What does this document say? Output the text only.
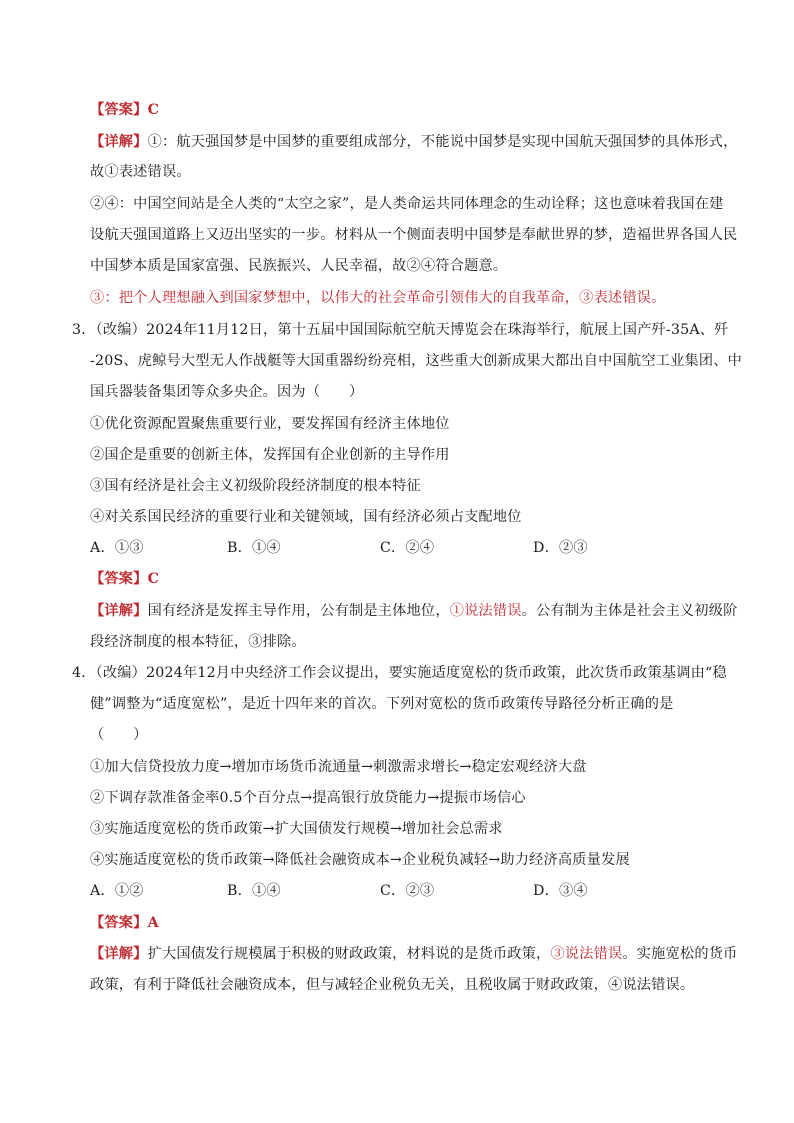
【答案】C
【详解】①：航天强国梦是中国梦的重要组成部分，不能说中国梦是实现中国航天强国梦的具体形式，
故①表述错误。
②④：中国空间站是全人类的“太空之家”，是人类命运共同体理念的生动诠释；这也意味着我国在建
设航天强国道路上又迈出坚实的一步。材料从一个侧面表明中国梦是奉献世界的梦，造福世界各国人民
中国梦本质是国家富强、民族振兴、人民幸福，故②④符合题意。
③：把个人理想融入到国家梦想中，以伟大的社会革命引领伟大的自我革命，③表述错误。
3．（改编）2024年11月12日，第十五届中国国际航空航天博览会在珠海举行，航展上国产歼-35A、歼
-20S、虎鲸号大型无人作战艇等大国重器纷纷亮相，这些重大创新成果大都出自中国航空工业集团、中
国兵器装备集团等众多央企。因为（　　）
①优化资源配置聚焦重要行业，要发挥国有经济主体地位
②国企是重要的创新主体，发挥国有企业创新的主导作用
③国有经济是社会主义初级阶段经济制度的根本特征
④对关系国民经济的重要行业和关键领域，国有经济必须占支配地位
A．①③	B．①④	C．②④	D．②③
【答案】C
【详解】国有经济是发挥主导作用，公有制是主体地位，①说法错误。公有制为主体是社会主义初级阶
段经济制度的根本特征，③排除。
4．（改编）2024年12月中央经济工作会议提出，要实施适度宽松的货币政策，此次货币政策基调由“稳
健”调整为“适度宽松”，是近十四年来的首次。下列对宽松的货币政策传导路径分析正确的是
（　　）
①加大信贷投放力度→增加市场货币流通量→刺激需求增长→稳定宏观经济大盘
②下调存款准备金率0.5个百分点→提高银行放贷能力→提振市场信心
③实施适度宽松的货币政策→扩大国债发行规模→增加社会总需求
④实施适度宽松的货币政策→降低社会融资成本→企业税负减轻→助力经济高质量发展
A．①②	B．①④	C．②③	D．③④
【答案】A
【详解】扩大国债发行规模属于积极的财政政策，材料说的是货币政策，③说法错误。实施宽松的货币
政策，有利于降低社会融资成本，但与减轻企业税负无关，且税收属于财政政策，④说法错误。
